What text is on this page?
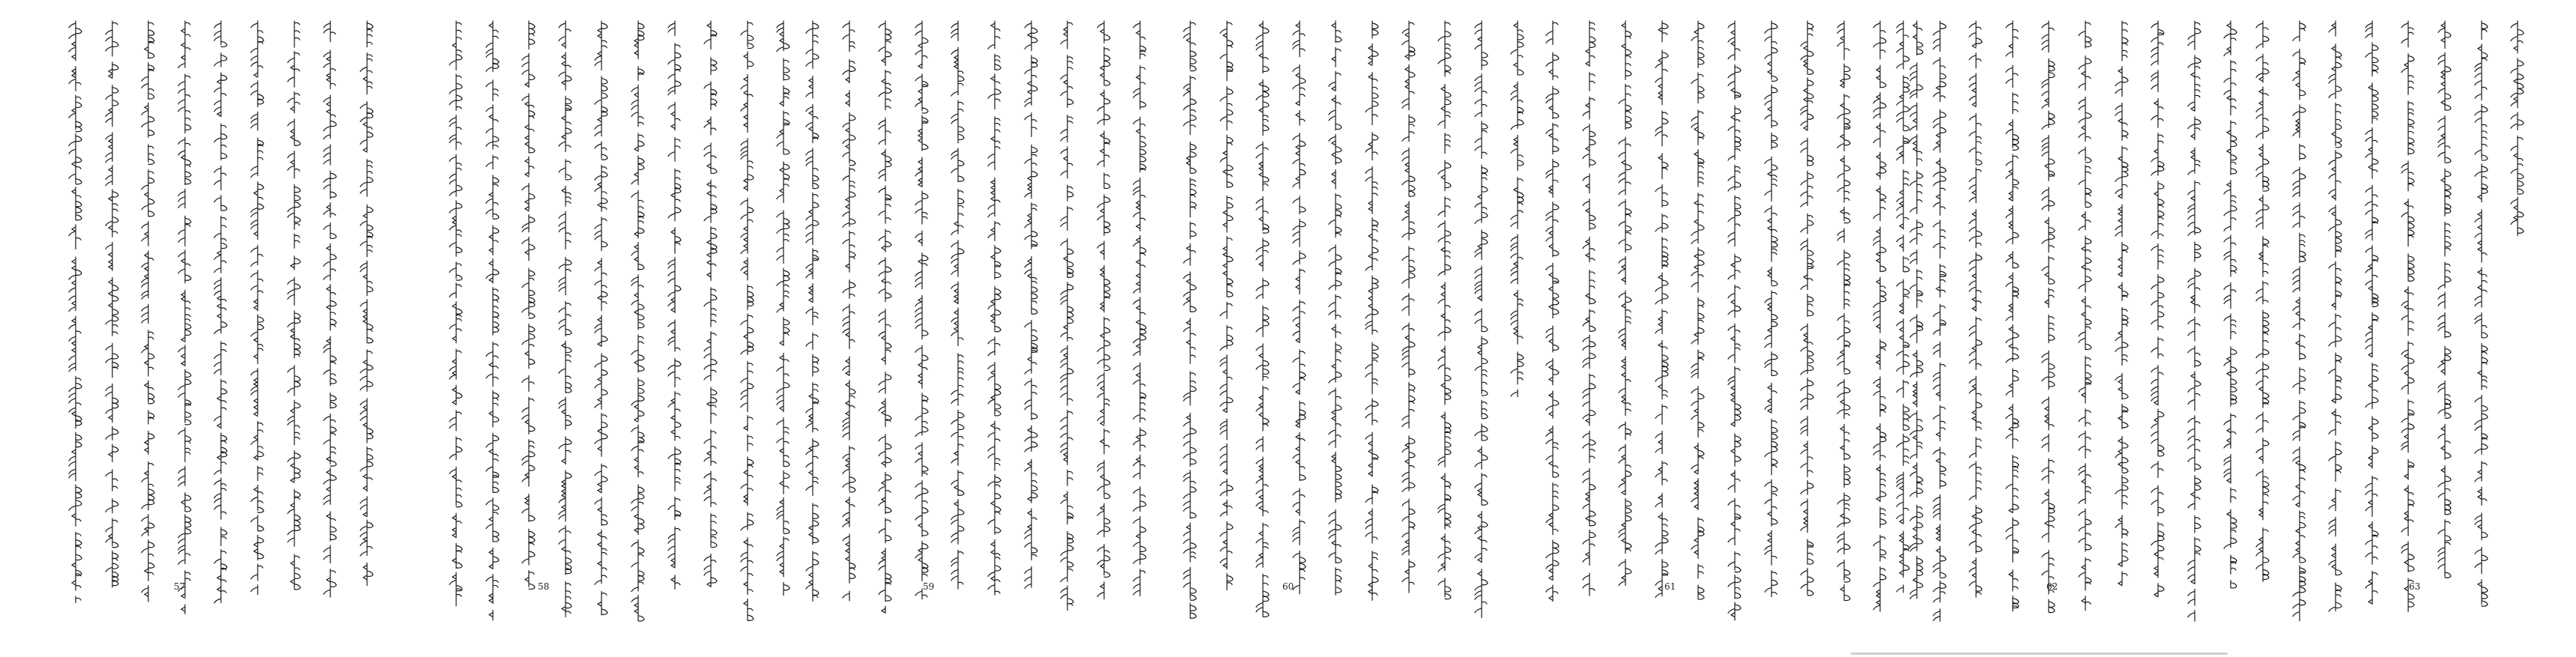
57	58	59	60	61	62	63
